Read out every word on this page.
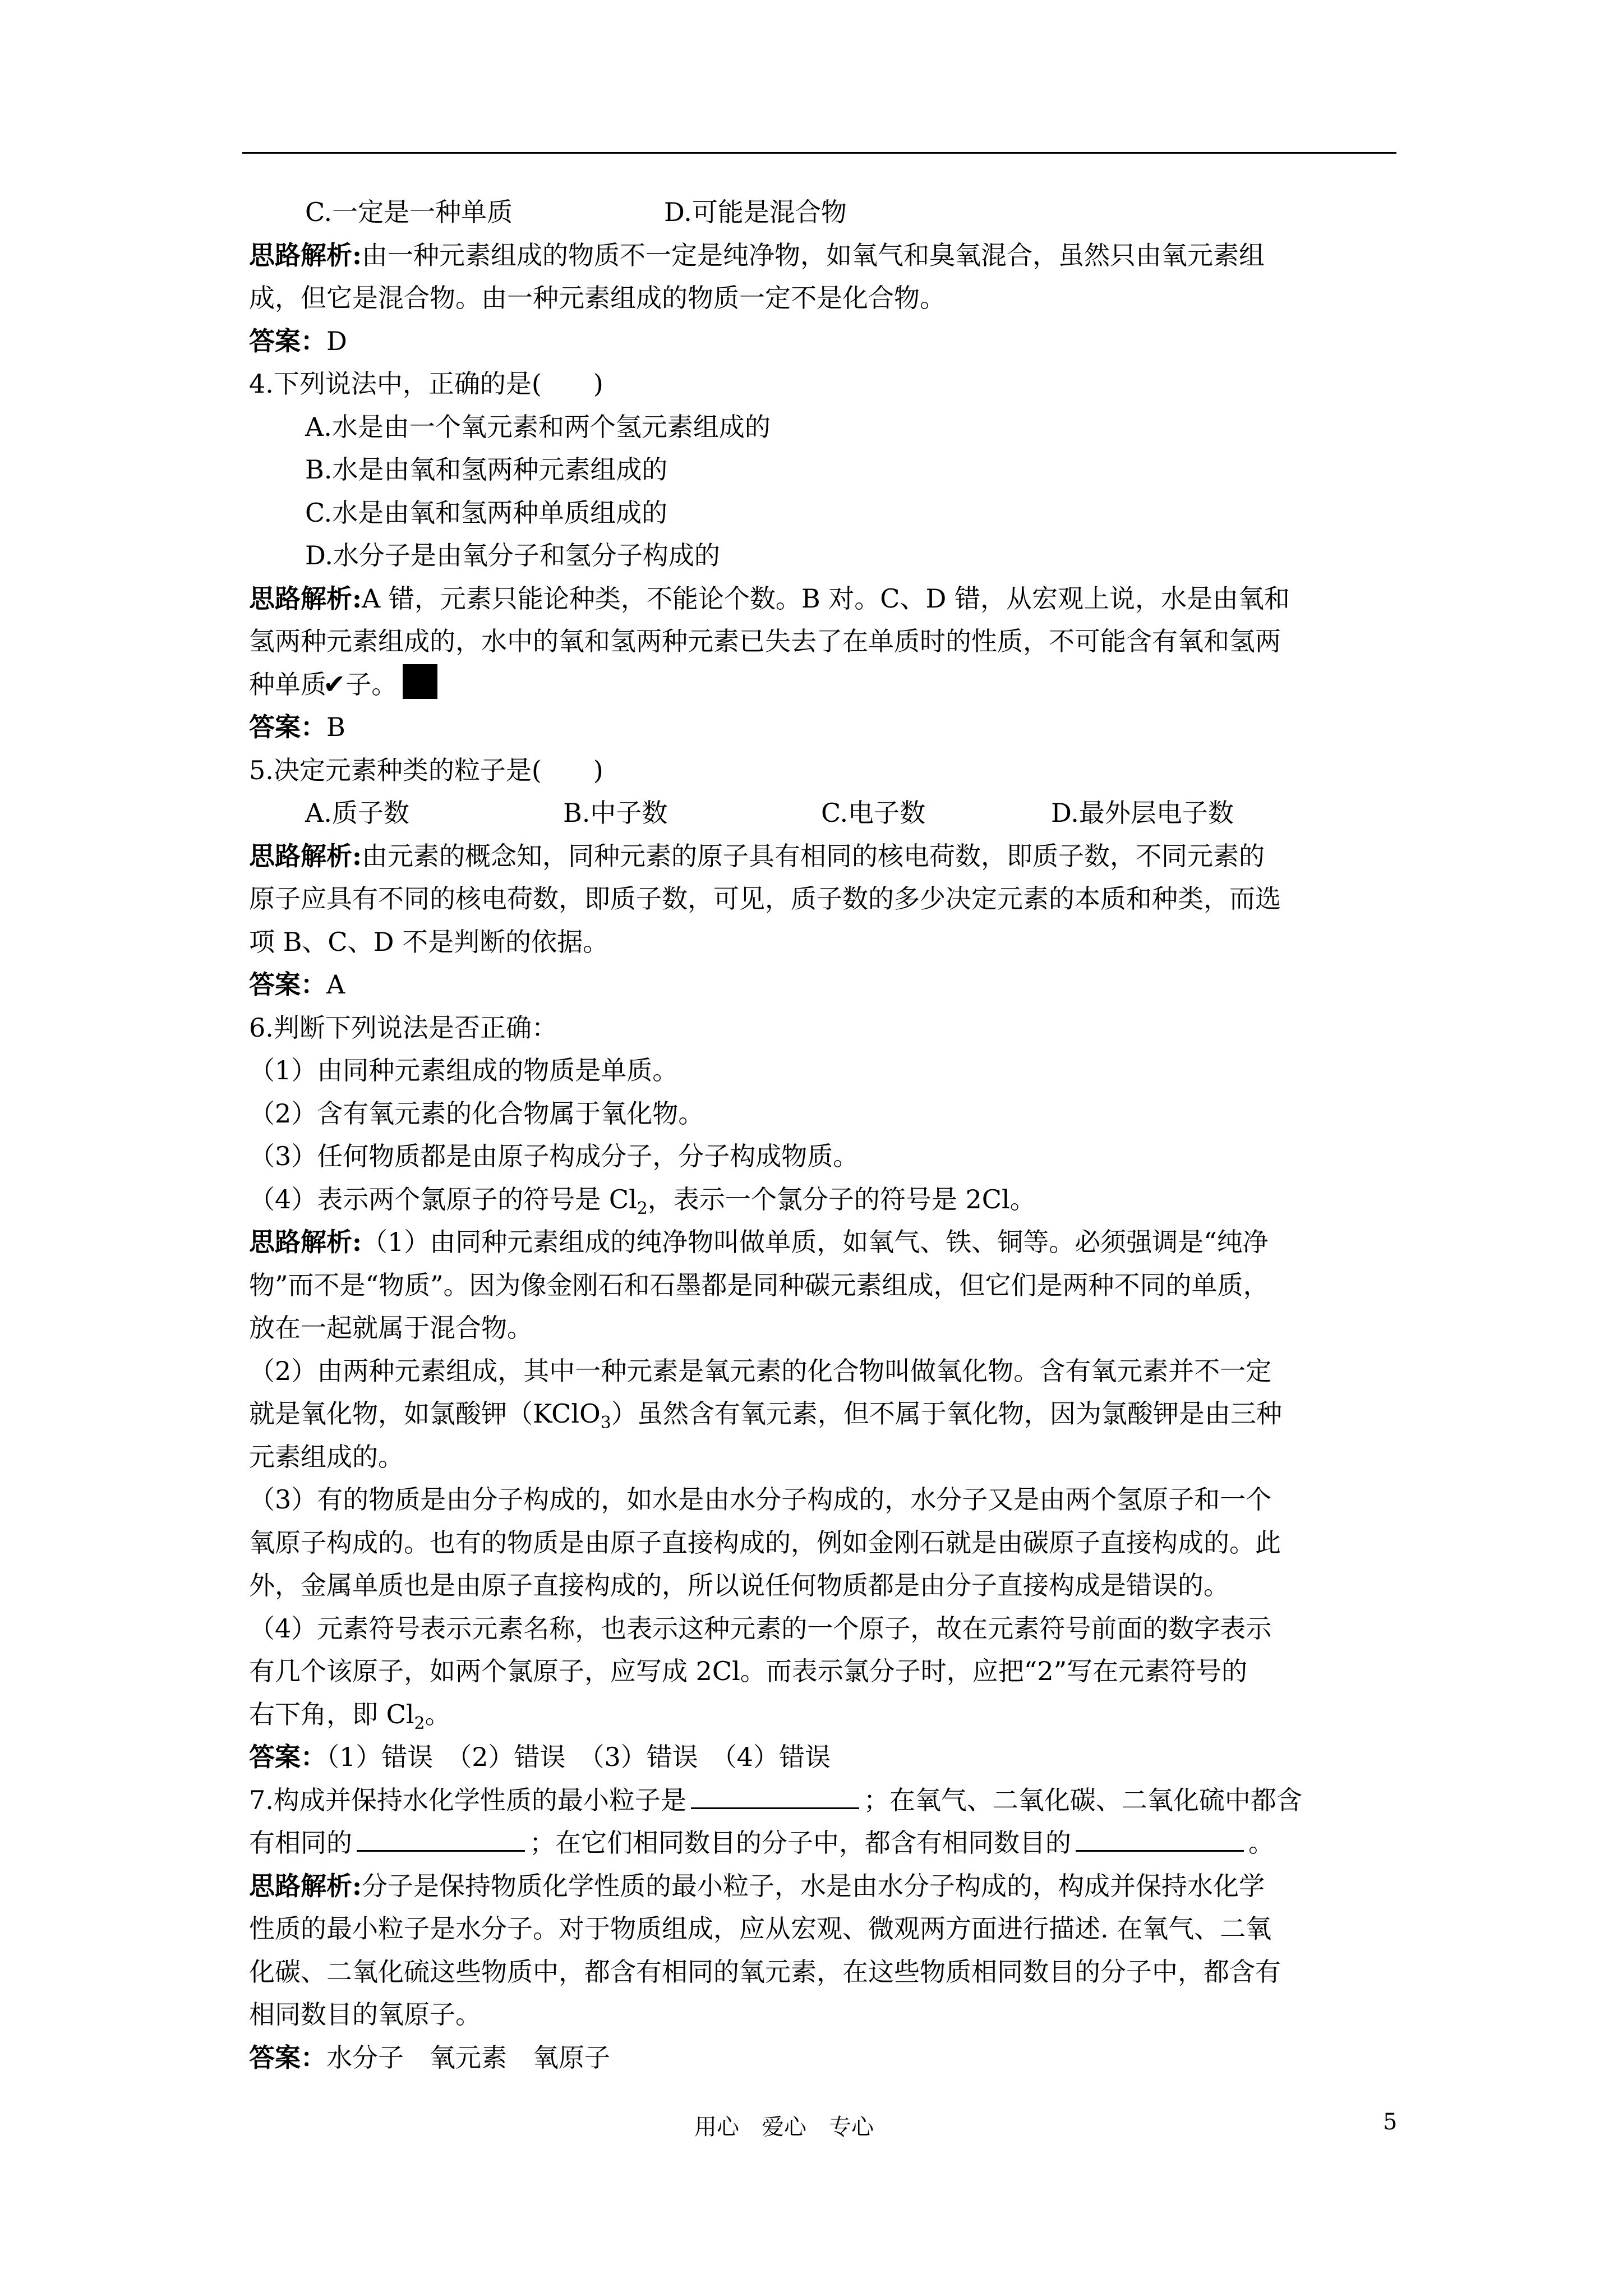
C.一定是一种单质	D.可能是混合物
思路解析:由一种元素组成的物质不一定是纯净物，如氧气和臭氧混合，虽然只由氧元素组
成，但它是混合物。由一种元素组成的物质一定不是化合物。
答案：D
4.下列说法中，正确的是(　　)
A.水是由一个氧元素和两个氢元素组成的
B.水是由氧和氢两种元素组成的
C.水是由氧和氢两种单质组成的
D.水分子是由氧分子和氢分子构成的
思路解析:A 错，元素只能论种类，不能论个数。B 对。C、D 错，从宏观上说，水是由氧和
氢两种元素组成的，水中的氧和氢两种元素已失去了在单质时的性质，不可能含有氧和氢两
种单质✔子。
答案：B
5.决定元素种类的粒子是(　　)
A.质子数	B.中子数	C.电子数	D.最外层电子数
思路解析:由元素的概念知，同种元素的原子具有相同的核电荷数，即质子数，不同元素的
原子应具有不同的核电荷数，即质子数，可见，质子数的多少决定元素的本质和种类，而选
项 B、C、D 不是判断的依据。
答案：A
6.判断下列说法是否正确：
（1）由同种元素组成的物质是单质。
（2）含有氧元素的化合物属于氧化物。
（3）任何物质都是由原子构成分子，分子构成物质。
（4）表示两个氯原子的符号是 $Cl_2$，表示一个氯分子的符号是 2Cl。
思路解析:（1）由同种元素组成的纯净物叫做单质，如氧气、铁、铜等。必须强调是“纯净
物”而不是“物质”。因为像金刚石和石墨都是同种碳元素组成，但它们是两种不同的单质，
放在一起就属于混合物。
（2）由两种元素组成，其中一种元素是氧元素的化合物叫做氧化物。含有氧元素并不一定
就是氧化物，如氯酸钾（KClO$_3$）虽然含有氧元素，但不属于氧化物，因为氯酸钾是由三种
元素组成的。
（3）有的物质是由分子构成的，如水是由水分子构成的，水分子又是由两个氢原子和一个
氧原子构成的。也有的物质是由原子直接构成的，例如金刚石就是由碳原子直接构成的。此
外，金属单质也是由原子直接构成的，所以说任何物质都是由分子直接构成是错误的。
（4）元素符号表示元素名称，也表示这种元素的一个原子，故在元素符号前面的数字表示
有几个该原子，如两个氯原子，应写成 2Cl。而表示氯分子时，应把“2”写在元素符号的
右下角，即 $Cl_2$。
答案：（1）错误　（2）错误　（3）错误　（4）错误
7.构成并保持水化学性质的最小粒子是	；在氧气、二氧化碳、二氧化硫中都含
有相同的	；在它们相同数目的分子中，都含有相同数目的	。
思路解析:分子是保持物质化学性质的最小粒子，水是由水分子构成的，构成并保持水化学
性质的最小粒子是水分子。对于物质组成，应从宏观、微观两方面进行描述. 在氧气、二氧
化碳、二氧化硫这些物质中，都含有相同的氧元素，在这些物质相同数目的分子中，都含有
相同数目的氧原子。
答案：水分子　氧元素　氧原子
用心　爱心　专心	5
